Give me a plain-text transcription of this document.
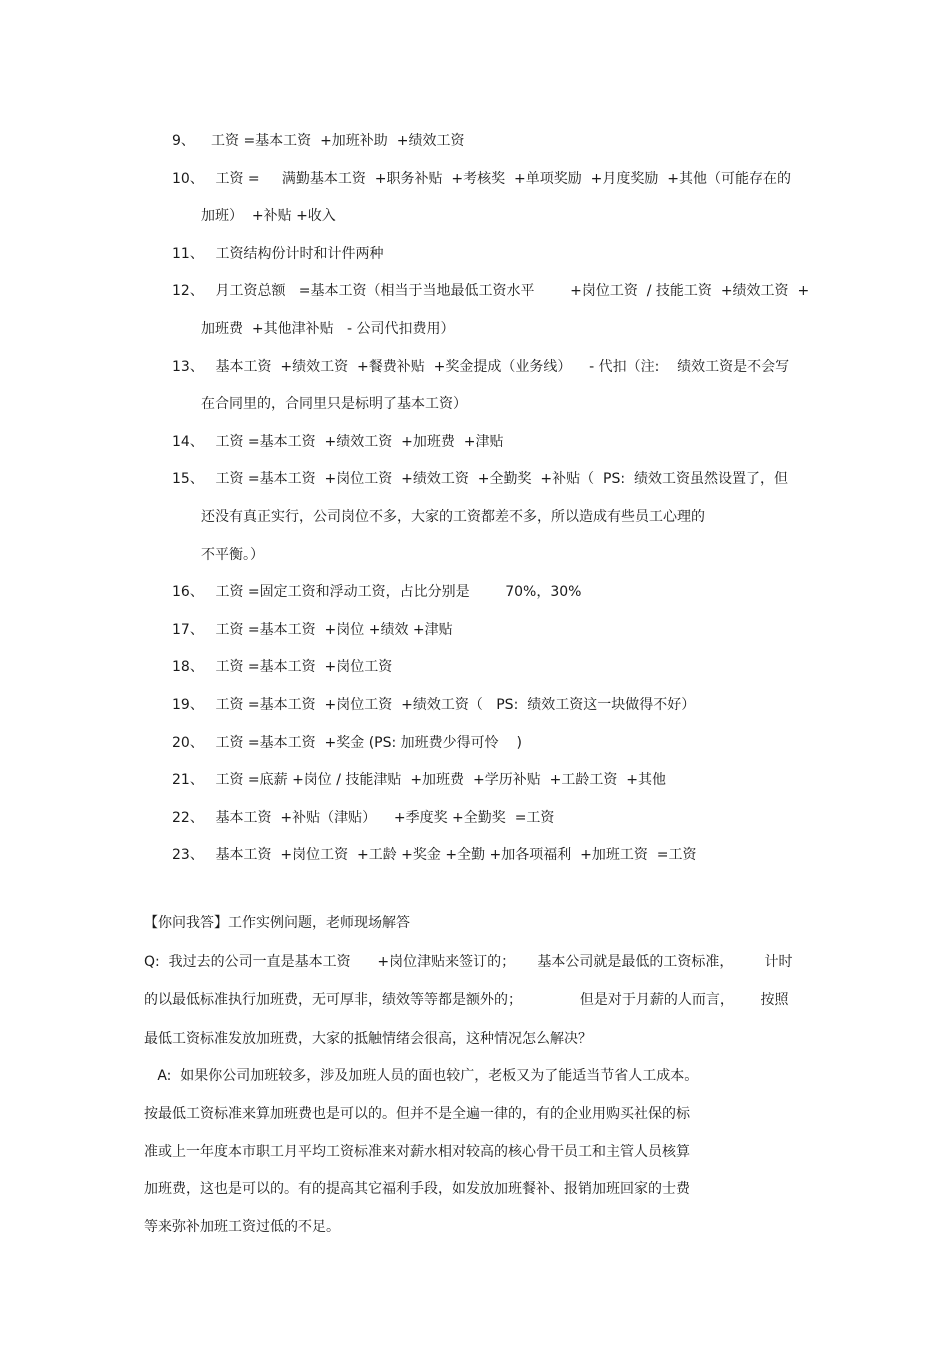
9、	工资 =基本工资  +加班补助  +绩效工资
10、 工资 =     满勤基本工资  +职务补贴  +考核奖  +单项奖励  +月度奖励  +其他（可能存在的
加班）  +补贴 +收入
11、 工资结构份计时和计件两种
12、 月工资总额   =基本工资（相当于当地最低工资水平        +岗位工资  / 技能工资  +绩效工资  +
加班费  +其他津补贴   - 公司代扣费用）
13、 基本工资  +绩效工资  +餐费补贴  +奖金提成（业务线）    - 代扣（注:    绩效工资是不会写
在合同里的，合同里只是标明了基本工资）
14、 工资 =基本工资  +绩效工资  +加班费  +津贴
15、 工资 =基本工资  +岗位工资  +绩效工资  +全勤奖  +补贴（  PS:  绩效工资虽然设置了，但
还没有真正实行，公司岗位不多，大家的工资都差不多，所以造成有些员工心理的
不平衡。）
16、 工资 =固定工资和浮动工资，占比分别是        70%，30%
17、 工资 =基本工资  +岗位 +绩效 +津贴
18、 工资 =基本工资  +岗位工资
19、 工资 =基本工资  +岗位工资  +绩效工资（   PS:  绩效工资这一块做得不好）
20、 工资 =基本工资  +奖金 (PS: 加班费少得可怜    )
21、 工资 =底薪 +岗位 / 技能津贴  +加班费  +学历补贴  +工龄工资  +其他
22、 基本工资  +补贴（津贴）    +季度奖 +全勤奖  =工资
23、 基本工资  +岗位工资  +工龄 +奖金 +全勤 +加各项福利  +加班工资  =工资
【你问我答】工作实例问题，老师现场解答
Q:  我过去的公司一直是基本工资      +岗位津贴来签订的；     基本公司就是最低的工资标准，       计时
的以最低标准执行加班费，无可厚非，绩效等等都是额外的；             但是对于月薪的人而言，      按照
最低工资标准发放加班费，大家的抵触情绪会很高，这种情况怎么解决？
A:  如果你公司加班较多，涉及加班人员的面也较广，老板又为了能适当节省人工成本。
按最低工资标准来算加班费也是可以的。但并不是全遍一律的，有的企业用购买社保的标
准或上一年度本市职工月平均工资标准来对薪水相对较高的核心骨干员工和主管人员核算
加班费，这也是可以的。有的提高其它福利手段，如发放加班餐补、报销加班回家的士费
等来弥补加班工资过低的不足。
